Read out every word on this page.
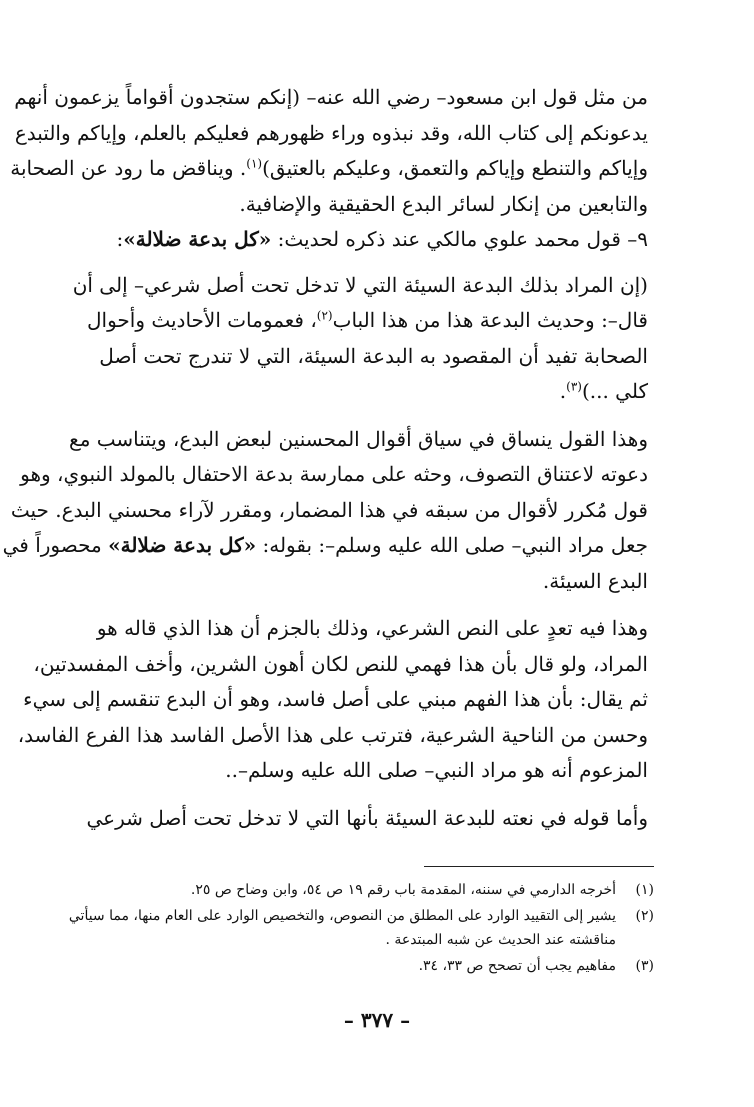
من مثل قول ابن مسعود– رضي الله عنه– (إنكم ستجدون أقواماً يزعمون أنهم
يدعونكم إلى كتاب الله، وقد نبذوه وراء ظهورهم فعليكم بالعلم، وإياكم والتبدع
وإياكم والتنطع وإياكم والتعمق، وعليكم بالعتيق)$^{(١)}$. ويناقض ما رود عن الصحابة
والتابعين من إنكار لسائر البدع الحقيقية والإضافية.

٩– قول محمد علوي مالكي عند ذكره لحديث: «كل بدعة ضلالة»:

(إن المراد بذلك البدعة السيئة التي لا تدخل تحت أصل شرعي– إلى أن
قال–: وحديث البدعة هذا من هذا الباب$^{(٢)}$، فعمومات الأحاديث وأحوال
الصحابة تفيد أن المقصود به البدعة السيئة، التي لا تندرج تحت أصل
كلي ...)$^{(٣)}$.

وهذا القول ينساق في سياق أقوال المحسنين لبعض البدع، ويتناسب مع
دعوته لاعتناق التصوف، وحثه على ممارسة بدعة الاحتفال بالمولد النبوي، وهو
قول مُكرر لأقوال من سبقه في هذا المضمار، ومقرر لآراء محسني البدع. حيث
جعل مراد النبي– صلى الله عليه وسلم–: بقوله: «كل بدعة ضلالة» محصوراً في
البدع السيئة.

وهذا فيه تعدٍ على النص الشرعي، وذلك بالجزم أن هذا الذي قاله هو
المراد، ولو قال بأن هذا فهمي للنص لكان أهون الشرين، وأخف المفسدتين،
ثم يقال: بأن هذا الفهم مبني على أصل فاسد، وهو أن البدع تنقسم إلى سيء
وحسن من الناحية الشرعية، فترتب على هذا الأصل الفاسد هذا الفرع الفاسد،
المزعوم أنه هو مراد النبي– صلى الله عليه وسلم–..

وأما قوله في نعته للبدعة السيئة بأنها التي لا تدخل تحت أصل شرعي

(١)
أخرجه الدارمي في سننه، المقدمة باب رقم ١٩ ص ٥٤، وابن وضاح ص ٢٥.
(٢)
يشير إلى التقييد الوارد على المطلق من النصوص، والتخصيص الوارد على العام منها، مما سيأتي
مناقشته عند الحديث عن شبه المبتدعة .
(٣)
مفاهيم يجب أن تصحح ص ٣٣، ٣٤.
– ٣٧٧ –
